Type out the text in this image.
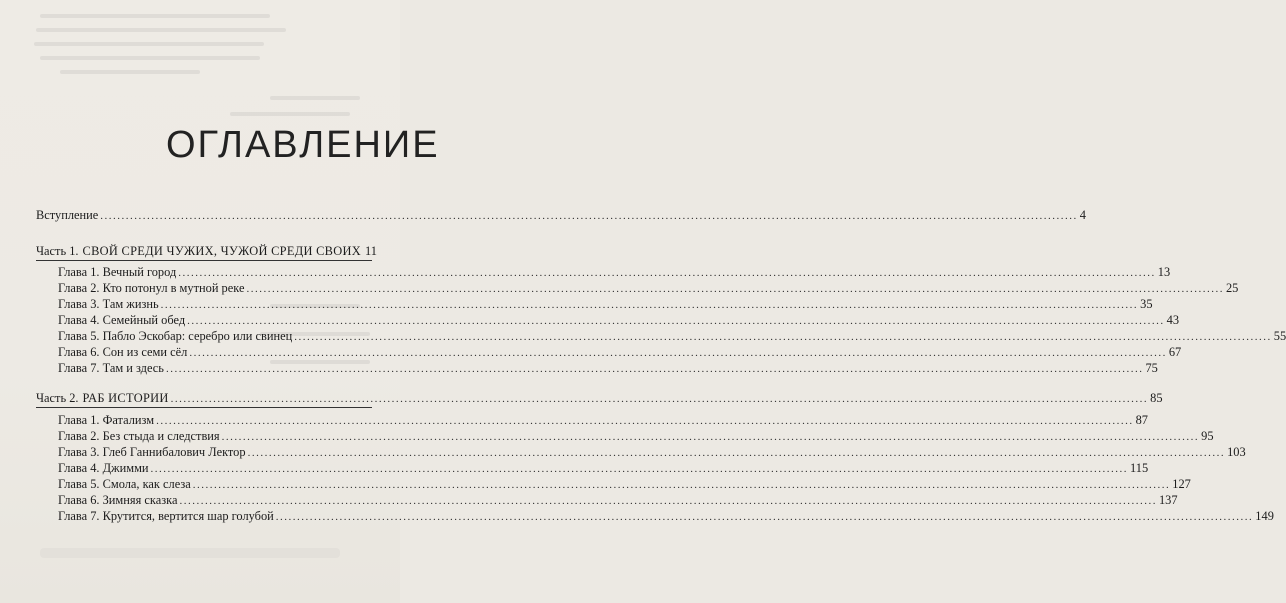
ОГЛАВЛЕНИЕ
Вступление .....	4
Часть 1. СВОЙ СРЕДИ ЧУЖИХ, ЧУЖОЙ СРЕДИ СВОИХ 11
Глава 1. Вечный город .....	13
Глава 2. Кто потонул в мутной реке .....	25
Глава 3. Там жизнь .....	35
Глава 4. Семейный обед .....	43
Глава 5. Пабло Эскобар: серебро или свинец .....	55
Глава 6. Сон из семи сёл .....	67
Глава 7. Там и здесь .....	75
Часть 2. РАБ ИСТОРИИ .....	85
Глава 1. Фатализм .....	87
Глава 2. Без стыда и следствия .....	95
Глава 3. Глеб Ганнибалович Лектор .....	103
Глава 4. Джимми .....	115
Глава 5. Смола, как слеза .....	127
Глава 6. Зимняя сказка .....	137
Глава 7. Крутится, вертится шар голубой .....	149
